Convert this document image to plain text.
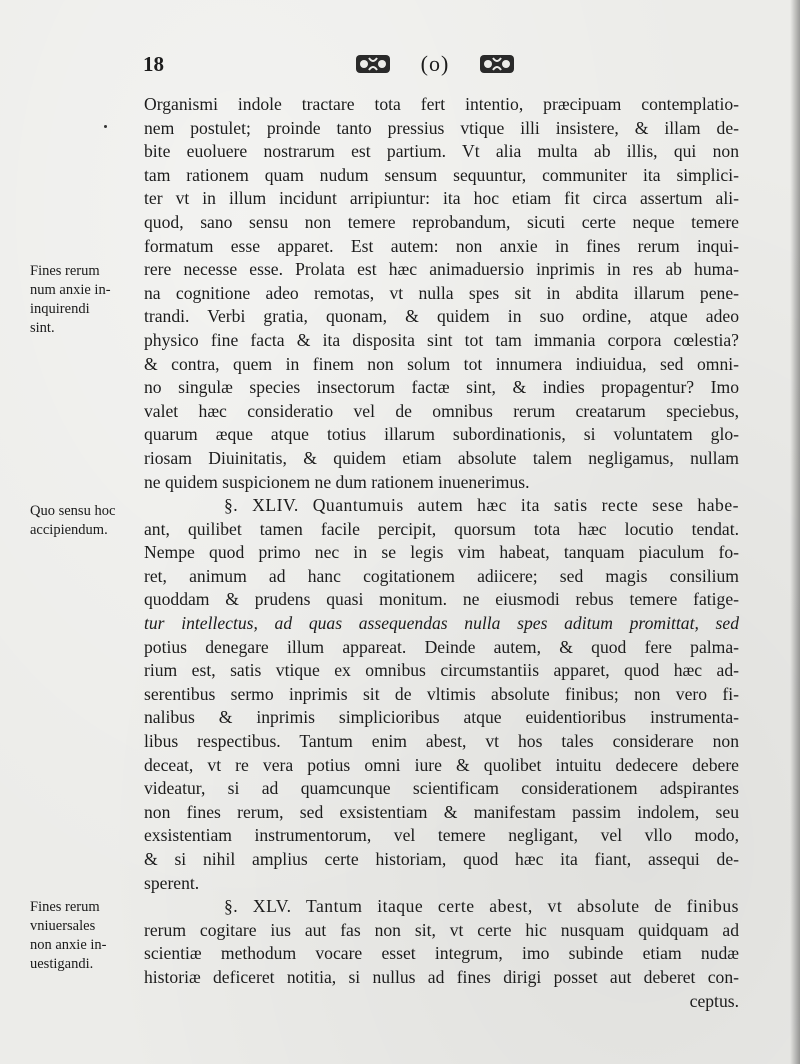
18	(o)
Fines rerum
num anxie in-
inquirendi
sint.
Quo sensu hoc
accipiendum.
Fines rerum
vniuersales
non anxie in-
uestigandi.
Organismi indole tractare tota fert intentio, præcipuam contemplatio-
nem postulet; proinde tanto pressius vtique illi insistere, & illam de-
bite euoluere nostrarum est partium. Vt alia multa ab illis, qui non
tam rationem quam nudum sensum sequuntur, communiter ita simplici-
ter vt in illum incidunt arripiuntur: ita hoc etiam fit circa assertum ali-
quod, sano sensu non temere reprobandum, sicuti certe neque temere
formatum esse apparet. Est autem: non anxie in fines rerum inqui-
rere necesse esse. Prolata est hæc animaduersio inprimis in res ab huma-
na cognitione adeo remotas, vt nulla spes sit in abdita illarum pene-
trandi. Verbi gratia, quonam, & quidem in suo ordine, atque adeo
physico fine facta & ita disposita sint tot tam immania corpora cœlestia?
& contra, quem in finem non solum tot innumera indiuidua, sed omni-
no singulæ species insectorum factæ sint, & indies propagentur? Imo
valet hæc consideratio vel de omnibus rerum creatarum speciebus,
quarum æque atque totius illarum subordinationis, si voluntatem glo-
riosam Diuinitatis, & quidem etiam absolute talem negligamus, nullam
ne quidem suspicionem ne dum rationem inuenerimus.
§. XLIV. Quantumuis autem hæc ita satis recte sese habe-
ant, quilibet tamen facile percipit, quorsum tota hæc locutio tendat.
Nempe quod primo nec in se legis vim habeat, tanquam piaculum fo-
ret, animum ad hanc cogitationem adiicere; sed magis consilium
quoddam & prudens quasi monitum. ne eiusmodi rebus temere fatige-
tur intellectus, ad quas assequendas nulla spes aditum promittat, sed
potius denegare illum appareat. Deinde autem, & quod fere palma-
rium est, satis vtique ex omnibus circumstantiis apparet, quod hæc ad-
serentibus sermo inprimis sit de vltimis absolute finibus; non vero fi-
nalibus & inprimis simplicioribus atque euidentioribus instrumenta-
libus respectibus. Tantum enim abest, vt hos tales considerare non
deceat, vt re vera potius omni iure & quolibet intuitu dedecere debere
videatur, si ad quamcunque scientificam considerationem adspirantes
non fines rerum, sed exsistentiam & manifestam passim indolem, seu
exsistentiam instrumentorum, vel temere negligant, vel vllo modo,
& si nihil amplius certe historiam, quod hæc ita fiant, assequi de-
sperent.
§. XLV. Tantum itaque certe abest, vt absolute de finibus
rerum cogitare ius aut fas non sit, vt certe hic nusquam quidquam ad
scientiæ methodum vocare esset integrum, imo subinde etiam nudæ
historiæ deficeret notitia, si nullus ad fines dirigi posset aut deberet con-
ceptus.
